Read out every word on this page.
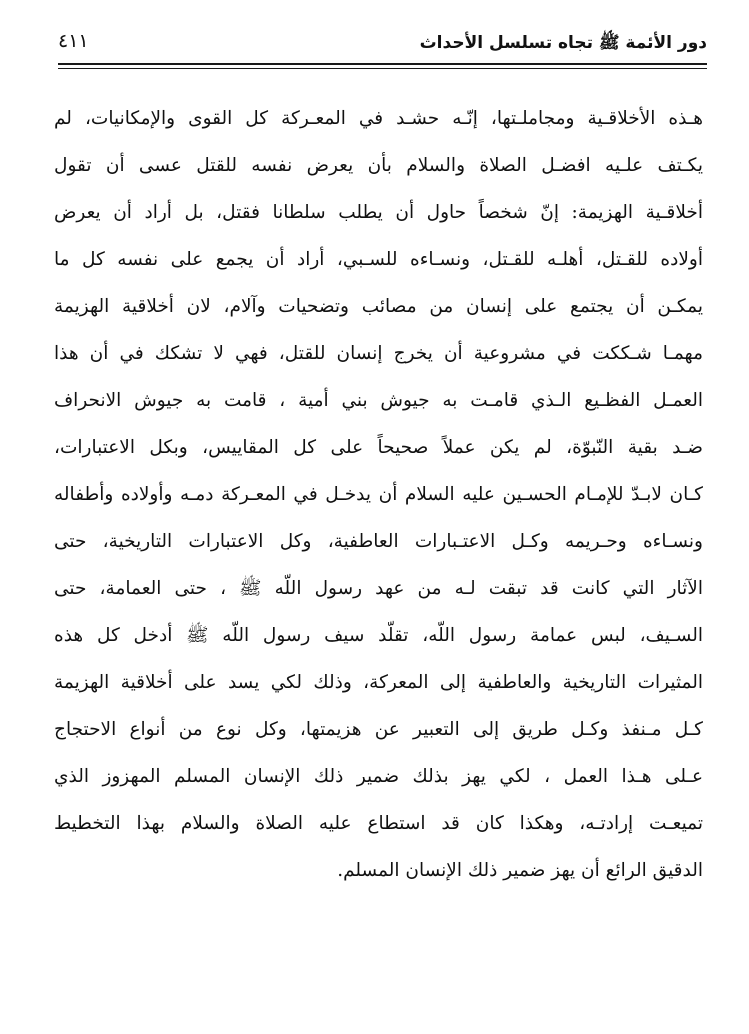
دور الأئمة ﷺ تجاه تسلسل الأحداث
٤١١
هـذه الأخلاقـية ومجاملـتها، إنّـه حشـد في المعـركة كل القوى والإمكانيات، لم
يكـتف علـيه افضـل الصلاة والسلام بأن يعرض نفسه للقتل عسى أن تقول
أخلاقـية الهزيمة: إنّ شخصاً حاول أن يطلب سلطانا فقتل، بل أراد أن يعرض
أولاده للقـتل، أهلـه للقـتل، ونسـاءه للسـبي، أراد أن يجمع على نفسه كل ما
يمكـن أن يجتمع على إنسان من مصائب وتضحيات وآلام، لان أخلاقية الهزيمة
مهمـا شـككت في مشروعية أن يخرج إنسان للقتل، فهي لا تشكك في أن هذا
العمـل الفظـيع الـذي قامـت به جيوش بني أمية ، قامت به جيوش الانحراف
ضـد بقية النّبوّة، لم يكن عملاً صحيحاً على كل المقاييس، وبكل الاعتبارات،
كـان لابـدّ للإمـام الحسـين عليه السلام أن يدخـل في المعـركة دمـه وأولاده وأطفاله
ونسـاءه وحـريمه وكـل الاعتـبارات العاطفية، وكل الاعتبارات التاريخية، حتى
الآثار التي كانت قد تبقت لـه من عهد رسول اللّه ﷺ ، حتى العمامة، حتى
السـيف، لبس عمامة رسول اللّه، تقلّد سيف رسول اللّه ﷺ أدخل كل هذه
المثيرات التاريخية والعاطفية إلى المعركة، وذلك لكي يسد على أخلاقية الهزيمة
كـل مـنفذ وكـل طريق إلى التعبير عن هزيمتها، وكل نوع من أنواع الاحتجاج
عـلى هـذا العمل ، لكي يهز بذلك ضمير ذلك الإنسان المسلم المهزوز الذي
تميعـت إرادتـه، وهكذا كان قد استطاع عليه الصلاة والسلام بهذا التخطيط
الدقيق الرائع أن يهز ضمير ذلك الإنسان المسلم.
